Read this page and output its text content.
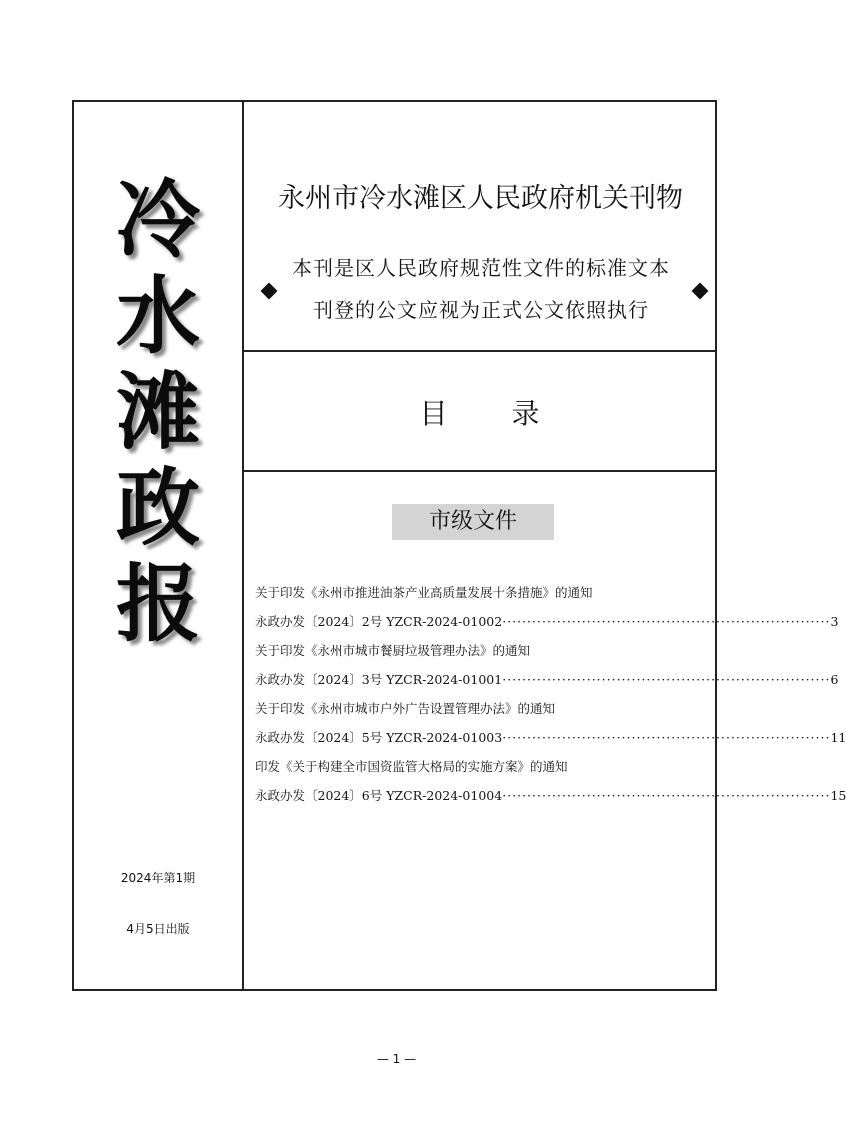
冷
水
滩
政
报
2024年第1期
4月5日出版
永州市冷水滩区人民政府机关刊物
本刊是区人民政府规范性文件的标准文本
刊登的公文应视为正式公文依照执行
目录
市级文件
关于印发《永州市推进油茶产业高质量发展十条措施》的通知
永政办发〔2024〕2号 YZCR-2024-01002 ·································································· 3
关于印发《永州市城市餐厨垃圾管理办法》的通知
永政办发〔2024〕3号 YZCR-2024-01001 ·································································· 6
关于印发《永州市城市户外广告设置管理办法》的通知
永政办发〔2024〕5号 YZCR-2024-01003 ·································································· 11
印发《关于构建全市国资监管大格局的实施方案》的通知
永政办发〔2024〕6号 YZCR-2024-01004 ·································································· 15
— 1 —
